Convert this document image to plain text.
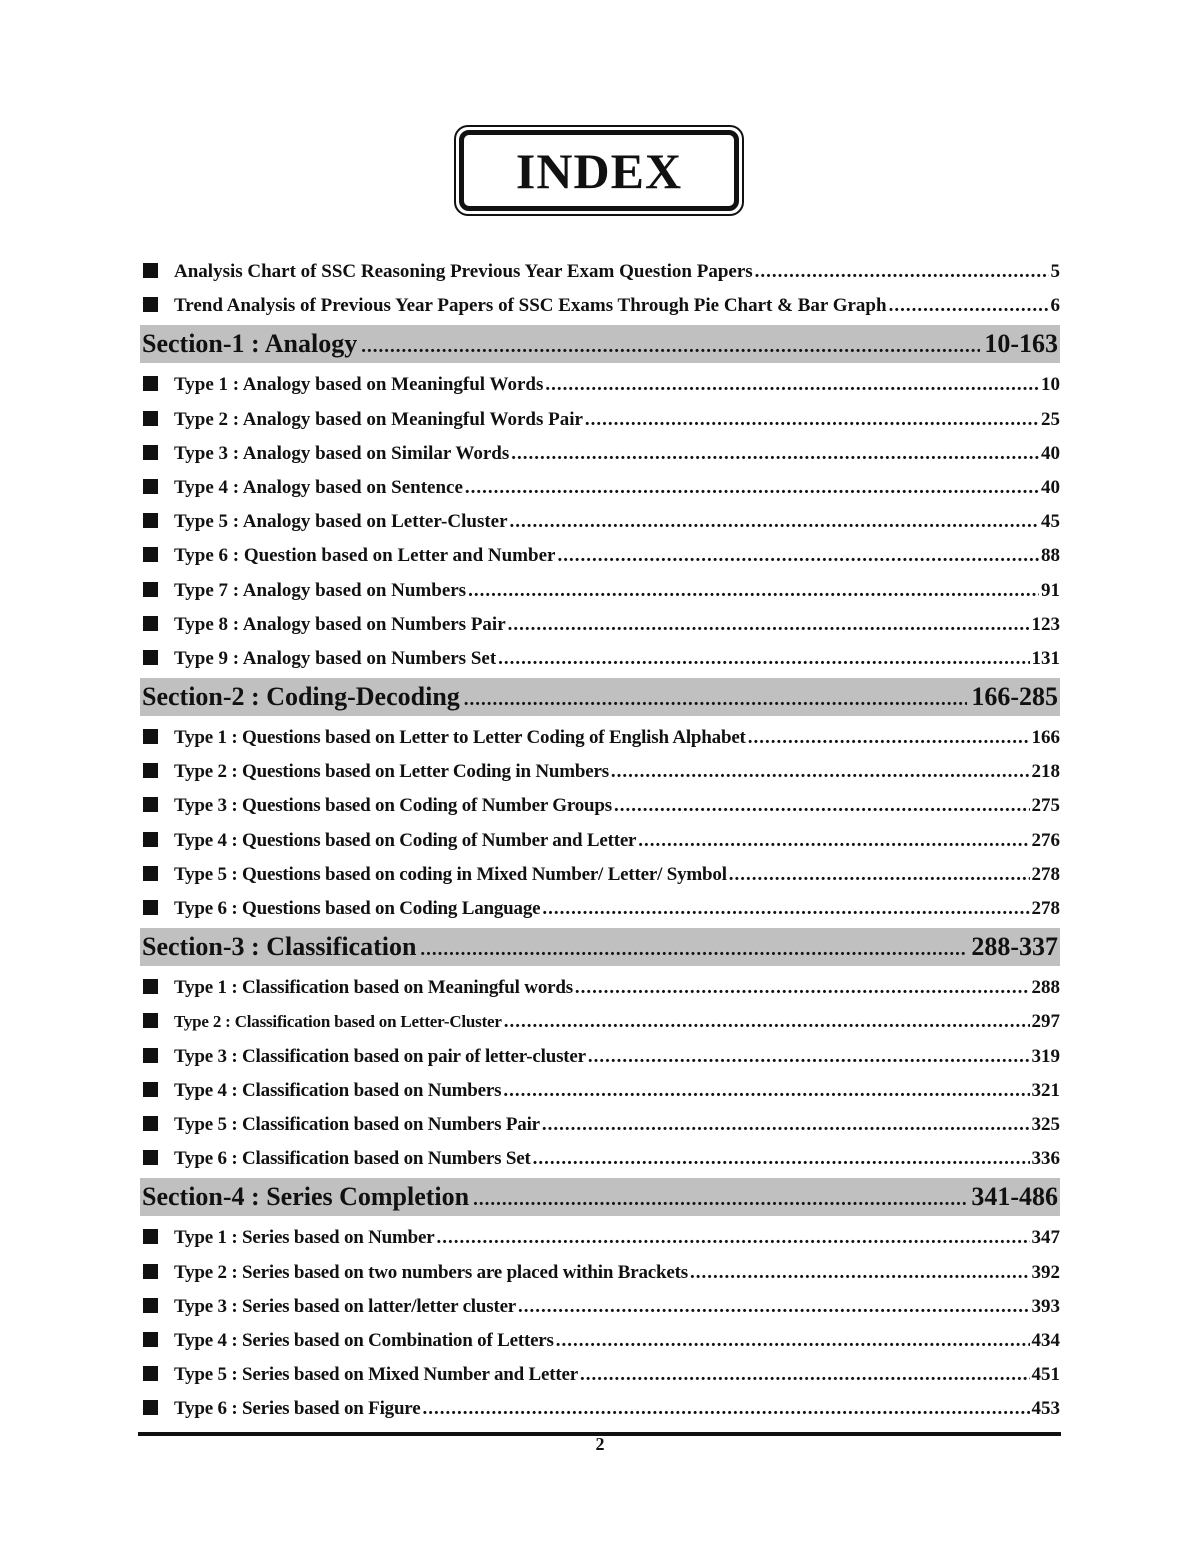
INDEX
Analysis Chart of SSC Reasoning Previous Year Exam Question Papers .....	5
Trend Analysis of Previous Year Papers of SSC Exams Through Pie Chart & Bar Graph .....	6
Section-1 : Analogy .....	10-163
Type 1 : Analogy based on Meaningful Words .....	10
Type 2 : Analogy based on Meaningful Words Pair .....	25
Type 3 : Analogy based on Similar Words .....	40
Type 4 : Analogy based on Sentence .....	40
Type 5 : Analogy based on Letter-Cluster .....	45
Type 6 : Question based on Letter and Number .....	88
Type 7 : Analogy based on Numbers .....	91
Type 8 : Analogy based on Numbers Pair .....	123
Type 9 : Analogy based on Numbers Set .....	131
Section-2 : Coding-Decoding .....	166-285
Type 1 : Questions based on Letter to Letter Coding of English Alphabet .....	166
Type 2 : Questions based on Letter Coding in Numbers .....	218
Type 3 : Questions based on Coding of Number Groups .....	275
Type 4 : Questions based on Coding of Number and Letter .....	276
Type 5 : Questions based on coding in Mixed Number/ Letter/ Symbol .....	278
Type 6 : Questions based on Coding Language .....	278
Section-3 : Classification .....	288-337
Type 1 : Classification based on Meaningful words .....	288
Type 2 : Classification based on Letter-Cluster .....	297
Type 3 : Classification based on pair of letter-cluster .....	319
Type 4 : Classification based on Numbers .....	321
Type 5 : Classification based on Numbers Pair .....	325
Type 6 : Classification based on Numbers Set .....	336
Section-4 : Series Completion .....	341-486
Type 1 : Series based on Number .....	347
Type 2 : Series based on two numbers are placed within Brackets .....	392
Type 3 : Series based on latter/letter cluster .....	393
Type 4 : Series based on Combination of Letters .....	434
Type 5 : Series based on Mixed Number and Letter .....	451
Type 6 : Series based on Figure .....	453
2
